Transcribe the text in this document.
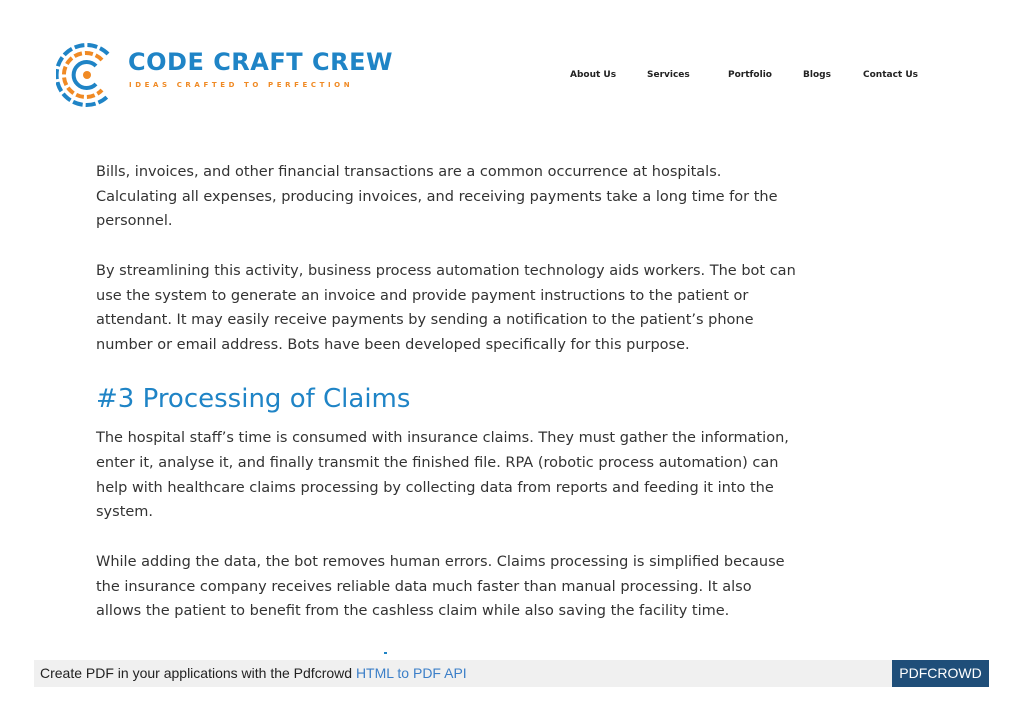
CODE CRAFT CREW
IDEAS CRAFTED TO PERFECTION
About Us	Services	Portfolio	Blogs	Contact Us

Bills, invoices, and other financial transactions are a common occurrence at hospitals. Calculating all expenses, producing invoices, and receiving payments take a long time for the personnel.

By streamlining this activity, business process automation technology aids workers. The bot can use the system to generate an invoice and provide payment instructions to the patient or attendant. It may easily receive payments by sending a notification to the patient’s phone number or email address. Bots have been developed specifically for this purpose.

#3 Processing of Claims

The hospital staff’s time is consumed with insurance claims. They must gather the information, enter it, analyse it, and finally transmit the finished file. RPA (robotic process automation) can help with healthcare claims processing by collecting data from reports and feeding it into the system.

While adding the data, the bot removes human errors. Claims processing is simplified because the insurance company receives reliable data much faster than manual processing. It also allows the patient to benefit from the cashless claim while also saving the facility time.

Create PDF in your applications with the Pdfcrowd HTML to PDF API	PDFCROWD
